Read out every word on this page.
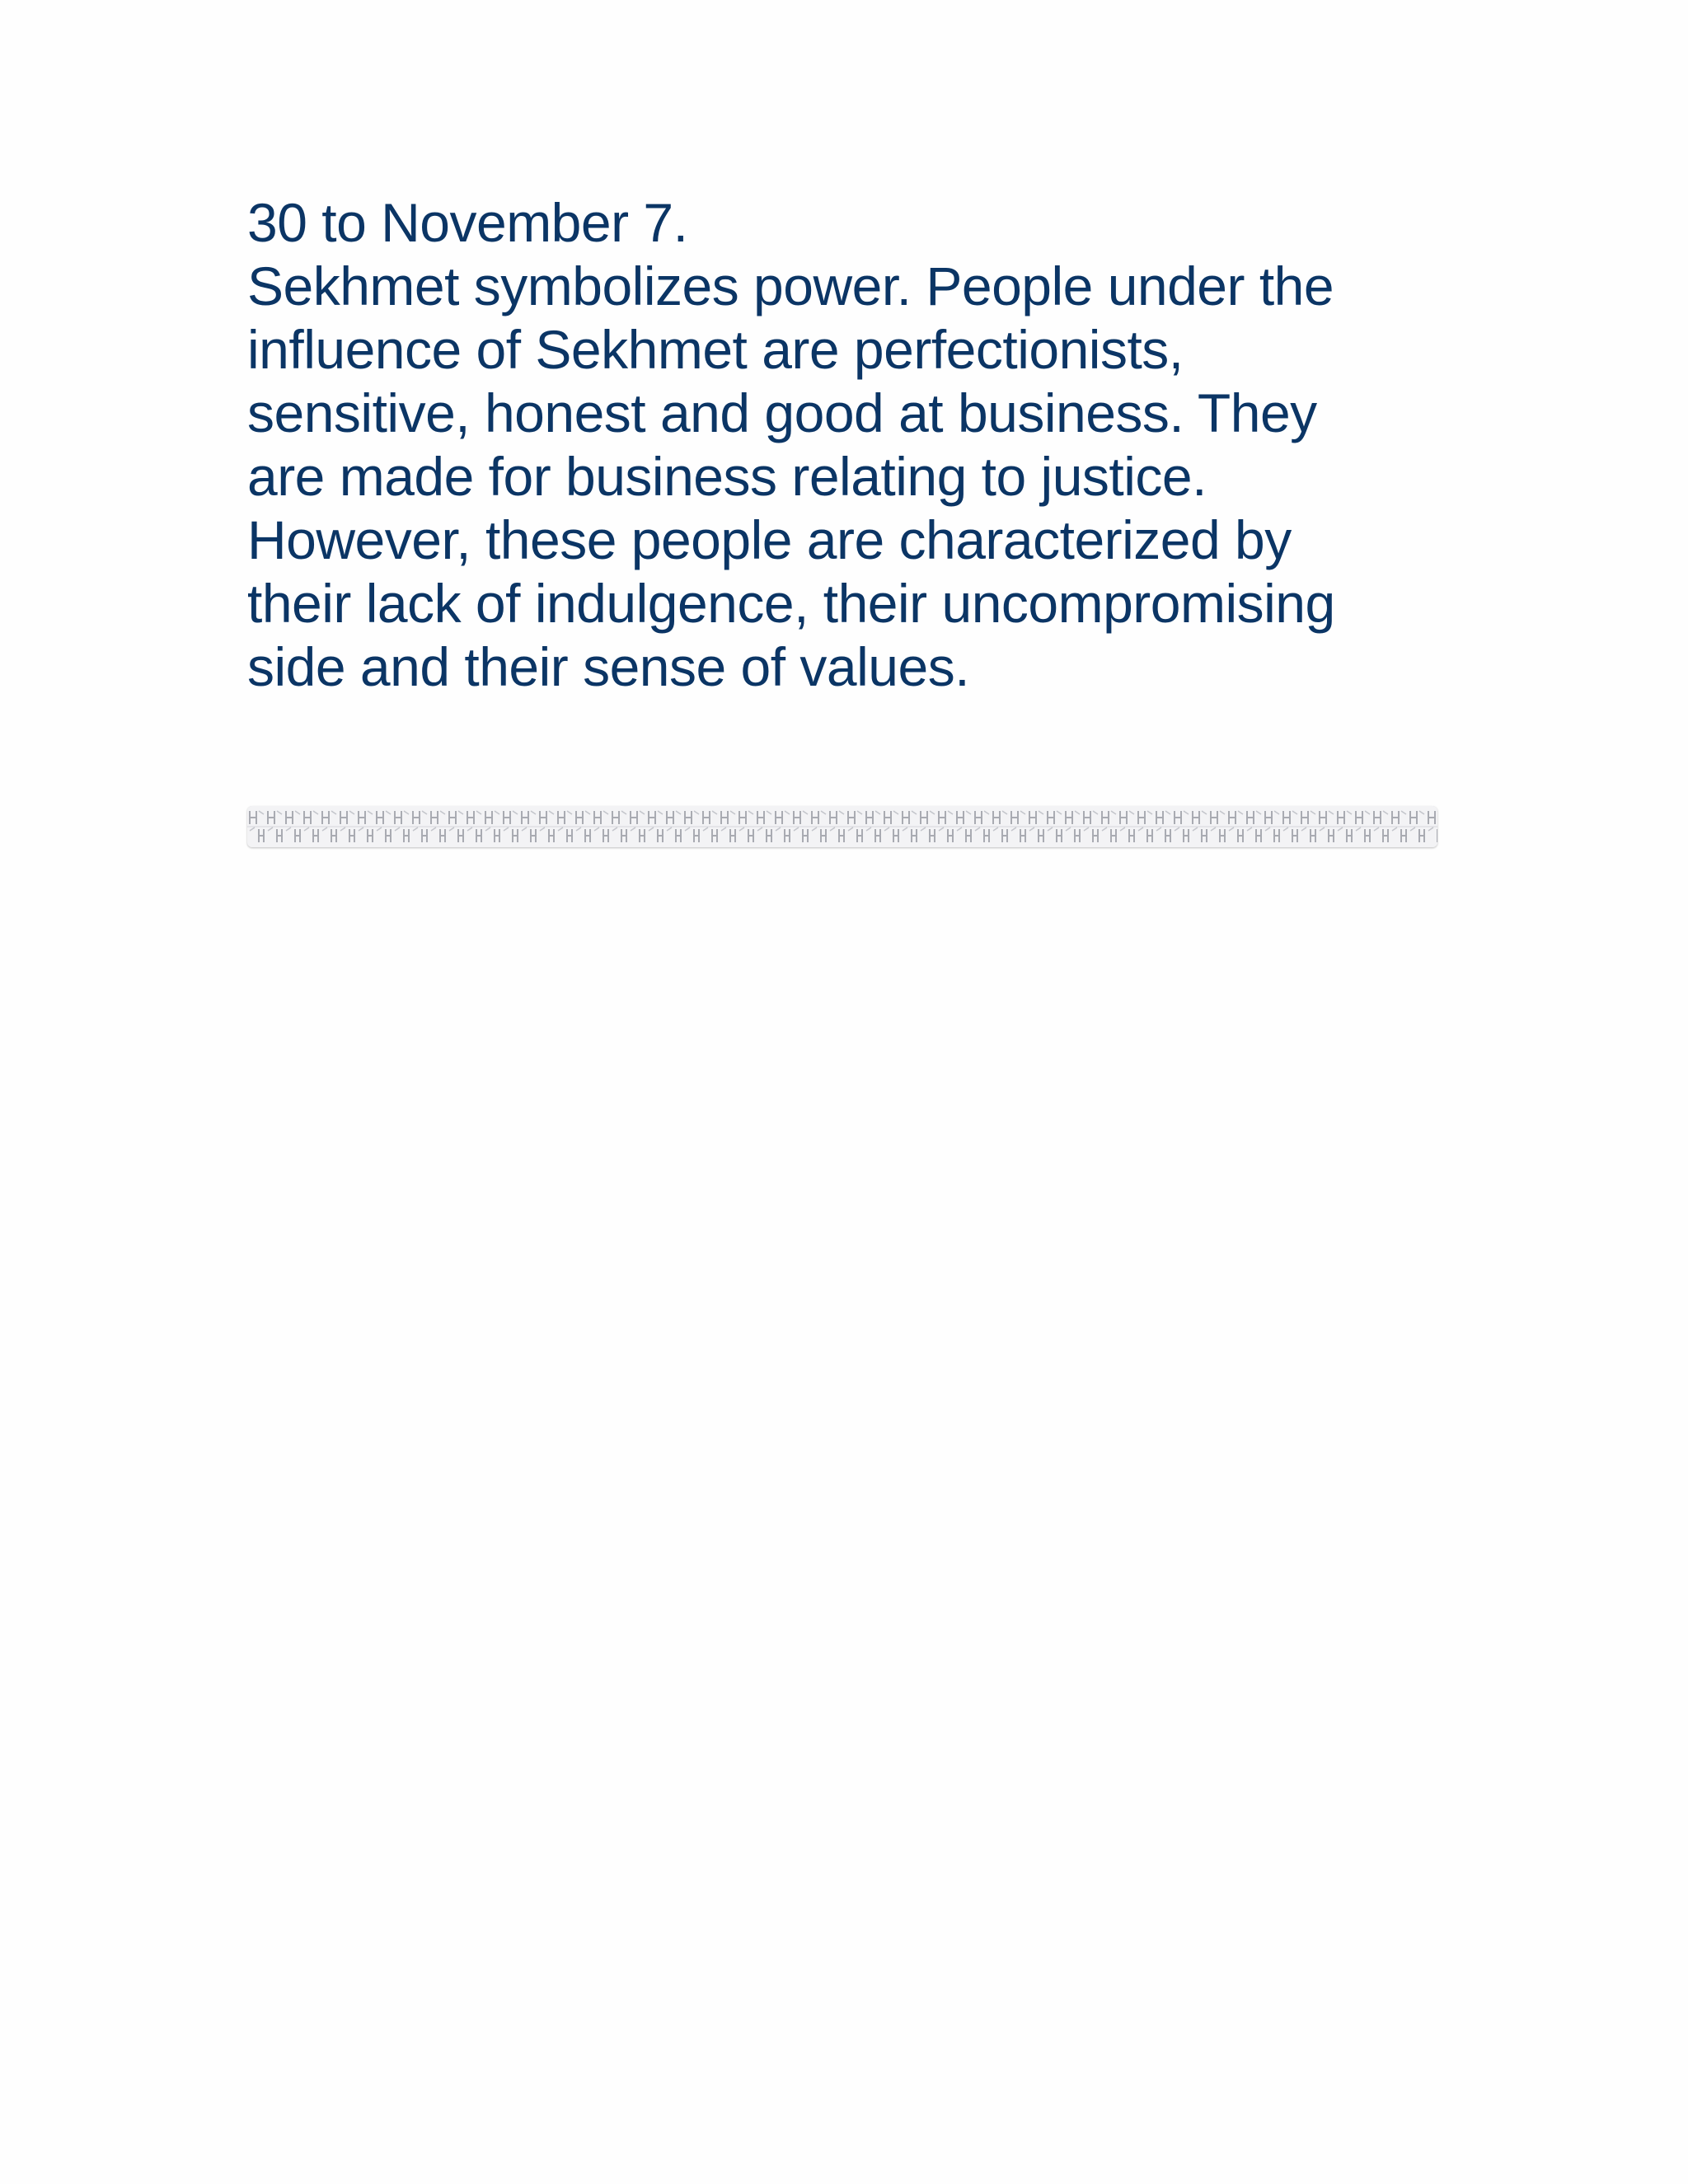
30 to November 7.
Sekhmet symbolizes power. People under the
influence of Sekhmet are perfectionists,
sensitive, honest and good at business. They
are made for business relating to justice.
However, these people are characterized by
their lack of indulgence, their uncompromising
side and their sense of values.
